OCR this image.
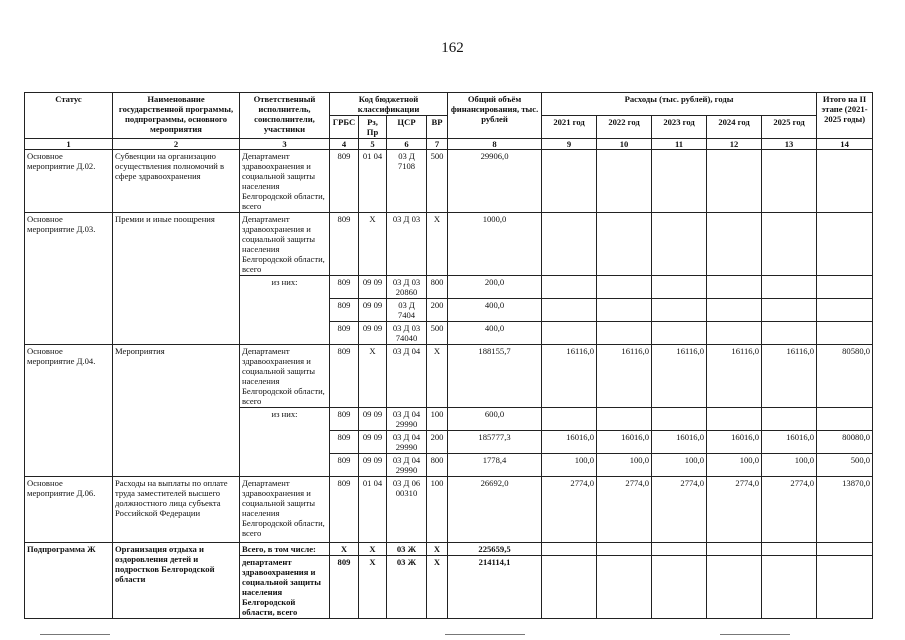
162
Статус	Наименование государственной программы, подпрограммы, основного мероприятия	Ответственный исполнитель, соисполнители, участники	Код бюджетной классификации				Общий объём финансирования, тыс. рублей	Расходы (тыс. рублей), годы					Итого на II этапе (2021-2025 годы)
			ГРБС	Рз, Пр	ЦСР	ВР		2021 год	2022 год	2023 год	2024 год	2025 год	
1	2	3	4	5	6	7	8	9	10	11	12	13	14
Основное мероприятие Д.02.	Субвенции на организацию осуществления полномочий в сфере здравоохранения	Департамент здравоохранения и социальной защиты населения Белгородской области, всего	809	01 04	03 Д 7108	500	29906,0						
Основное мероприятие Д.03.	Премии и иные поощрения	Департамент здравоохранения и социальной защиты населения Белгородской области, всего	809	Х	03 Д 03	Х	1000,0						
		из них:	809	09 09	03 Д 03 20860	800	200,0						
			809	09 09	03 Д 7404	200	400,0						
			809	09 09	03 Д 03 74040	500	400,0						
Основное мероприятие Д.04.	Мероприятия	Департамент здравоохранения и социальной защиты населения Белгородской области, всего	809	Х	03 Д 04	Х	188155,7	16116,0	16116,0	16116,0	16116,0	16116,0	80580,0
		из них:	809	09 09	03 Д 04 29990	100	600,0						
			809	09 09	03 Д 04 29990	200	185777,3	16016,0	16016,0	16016,0	16016,0	16016,0	80080,0
			809	09 09	03 Д 04 29990	800	1778,4	100,0	100,0	100,0	100,0	100,0	500,0
Основное мероприятие Д.06.	Расходы на выплаты по оплате труда заместителей высшего должностного лица субъекта Российской Федерации	Департамент здравоохранения и социальной защиты населения Белгородской области, всего	809	01 04	03 Д 06 00310	100	26692,0	2774,0	2774,0	2774,0	2774,0	2774,0	13870,0
Подпрограмма Ж	Организация отдыха и оздоровления детей и подростков Белгородской области	Всего, в том числе:	Х	Х	03 Ж	Х	225659,5						
		департамент здравоохранения и социальной защиты населения Белгородской области, всего	809	Х	03 Ж	Х	214114,1						
